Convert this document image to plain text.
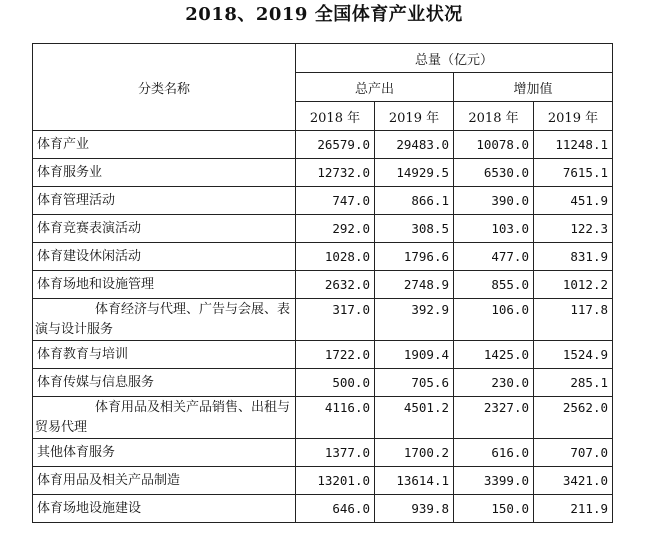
2018、2019 全国体育产业状况
分类名称	总量（亿元）			
	总产出		增加值	
	2018 年	2019 年	2018 年	2019 年
体育产业	26579.0	29483.0	10078.0	11248.1
体育服务业	12732.0	14929.5	6530.0	7615.1
体育管理活动	747.0	866.1	390.0	451.9
体育竞赛表演活动	292.0	308.5	103.0	122.3
体育建设休闲活动	1028.0	1796.6	477.0	831.9
体育场地和设施管理	2632.0	2748.9	855.0	1012.2

体育经济与代理、广告与会展、表演与设计服务	317.0	392.9	106.0	117.8
体育教育与培训	1722.0	1909.4	1425.0	1524.9
体育传媒与信息服务	500.0	705.6	230.0	285.1

体育用品及相关产品销售、出租与贸易代理	4116.0	4501.2	2327.0	2562.0
其他体育服务	1377.0	1700.2	616.0	707.0
体育用品及相关产品制造	13201.0	13614.1	3399.0	3421.0
体育场地设施建设	646.0	939.8	150.0	211.9
